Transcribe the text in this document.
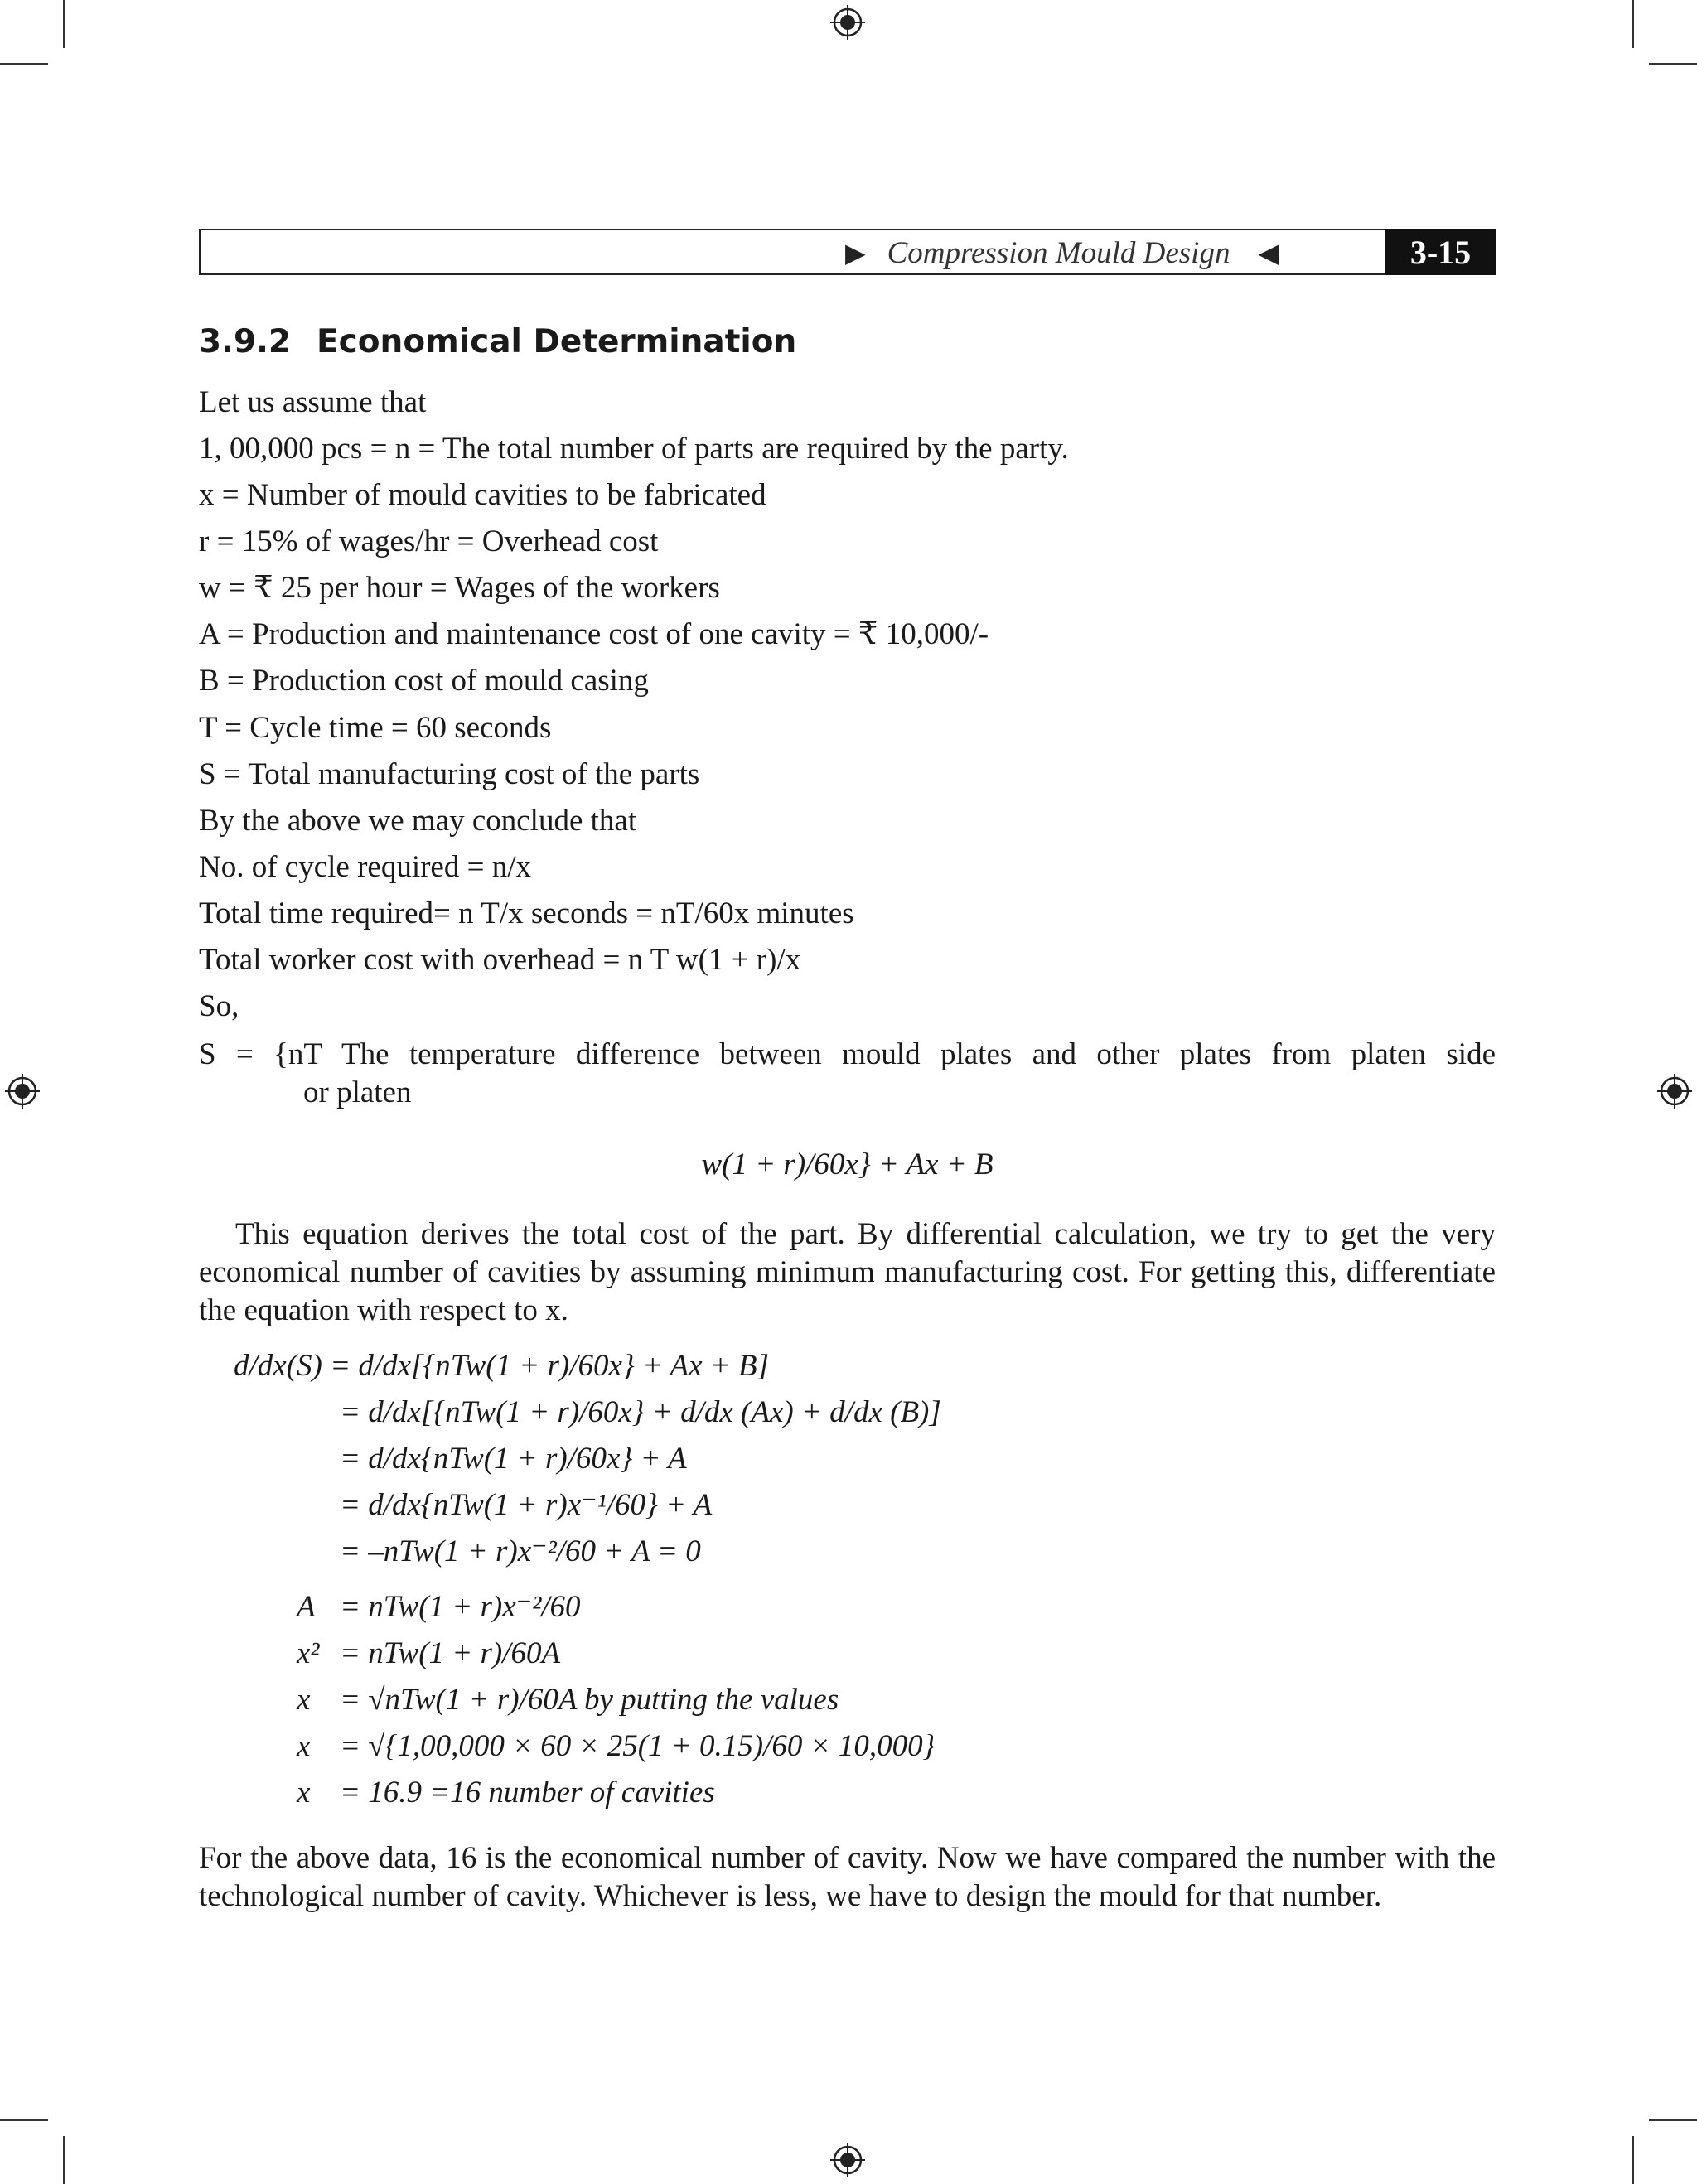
▶ Compression Mould Design ◀	3-15
3.9.2 Economical Determination
Let us assume that
1, 00,000 pcs = n = The total number of parts are required by the party.
x = Number of mould cavities to be fabricated
r = 15% of wages/hr = Overhead cost
w = ₹ 25 per hour = Wages of the workers
A = Production and maintenance cost of one cavity = ₹ 10,000/-
B = Production cost of mould casing
T = Cycle time = 60 seconds
S = Total manufacturing cost of the parts
By the above we may conclude that
No. of cycle required = n/x
Total time required= n T/x seconds = nT/60x minutes
Total worker cost with overhead = n T w(1 + r)/x
So,
S = {nT The temperature difference between mould plates and other plates from platen side
or platen
w(1 + r)/60x} + Ax + B
This equation derives the total cost of the part. By differential calculation, we try to get the very economical number of cavities by assuming minimum manufacturing cost. For getting this, differentiate the equation with respect to x.
d/dx(S) = d/dx[{nTw(1 + r)/60x} + Ax + B]
= d/dx[{nTw(1 + r)/60x} + d/dx (Ax) + d/dx (B)]
= d/dx{nTw(1 + r)/60x} + A
= d/dx{nTw(1 + r)x⁻¹/60} + A
= –nTw(1 + r)x⁻²/60 + A = 0
A = nTw(1 + r)x⁻²/60
x² = nTw(1 + r)/60A
x = √nTw(1 + r)/60A by putting the values
x = √{1,00,000 × 60 × 25(1 + 0.15)/60 × 10,000}
x = 16.9 =16 number of cavities
For the above data, 16 is the economical number of cavity. Now we have compared the number with the technological number of cavity. Whichever is less, we have to design the mould for that number.
